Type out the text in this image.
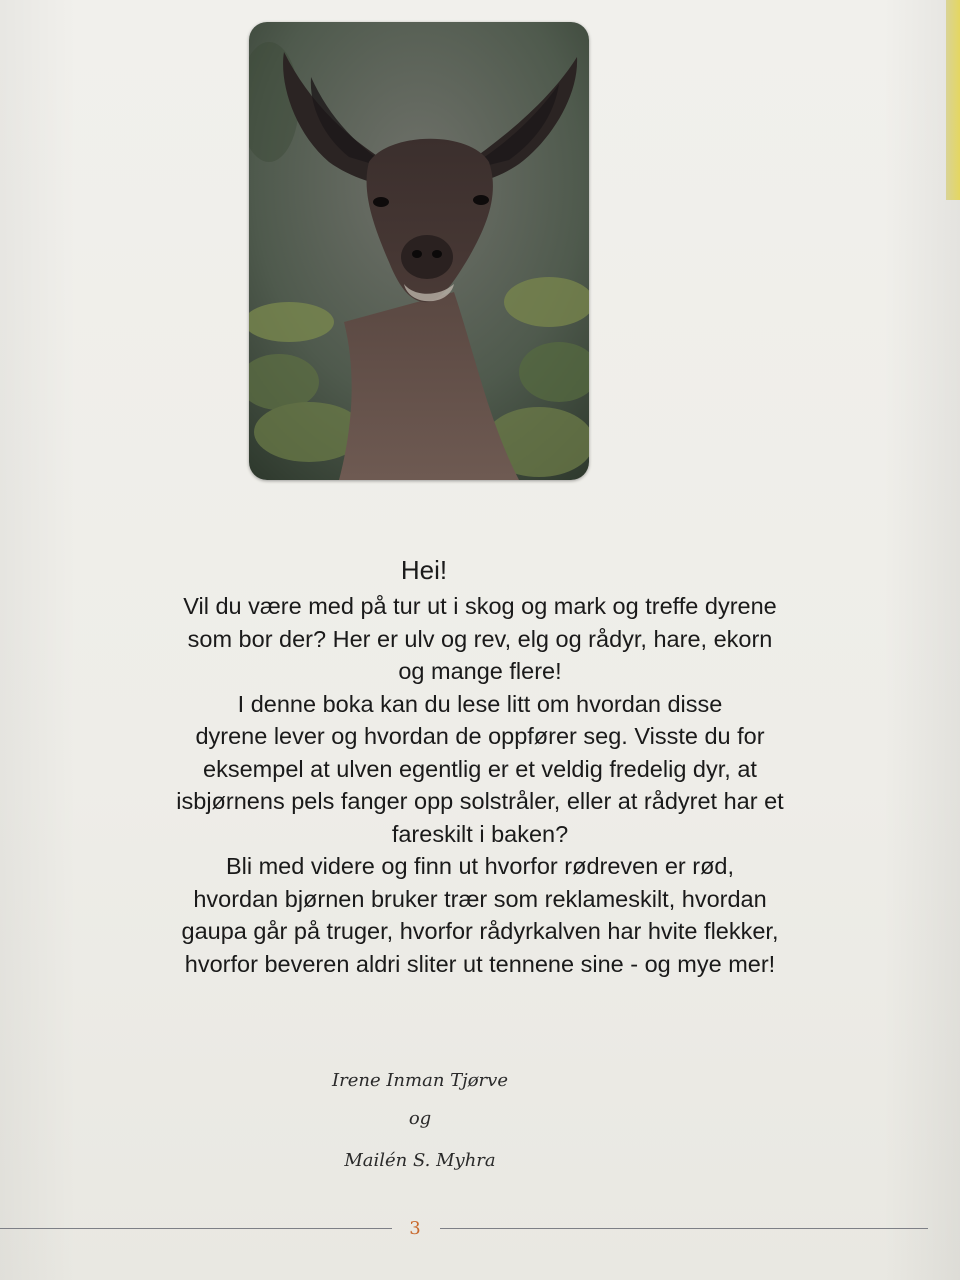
Hei!
Vil du være med på tur ut i skog og mark og treffe dyrene
som bor der? Her er ulv og rev, elg og rådyr, hare, ekorn
og mange flere!
I denne boka kan du lese litt om hvordan disse
dyrene lever og hvordan de oppfører seg. Visste du for
eksempel at ulven egentlig er et veldig fredelig dyr, at
isbjørnens pels fanger opp solstråler, eller at rådyret har et
fareskilt i baken?
Bli med videre og finn ut hvorfor rødreven er rød,
hvordan bjørnen bruker trær som reklameskilt, hvordan
gaupa går på truger, hvorfor rådyrkalven har hvite flekker,
hvorfor beveren aldri sliter ut tennene sine - og mye mer!
Irene Inman Tjørve
og
Mailén S. Myhra
3
